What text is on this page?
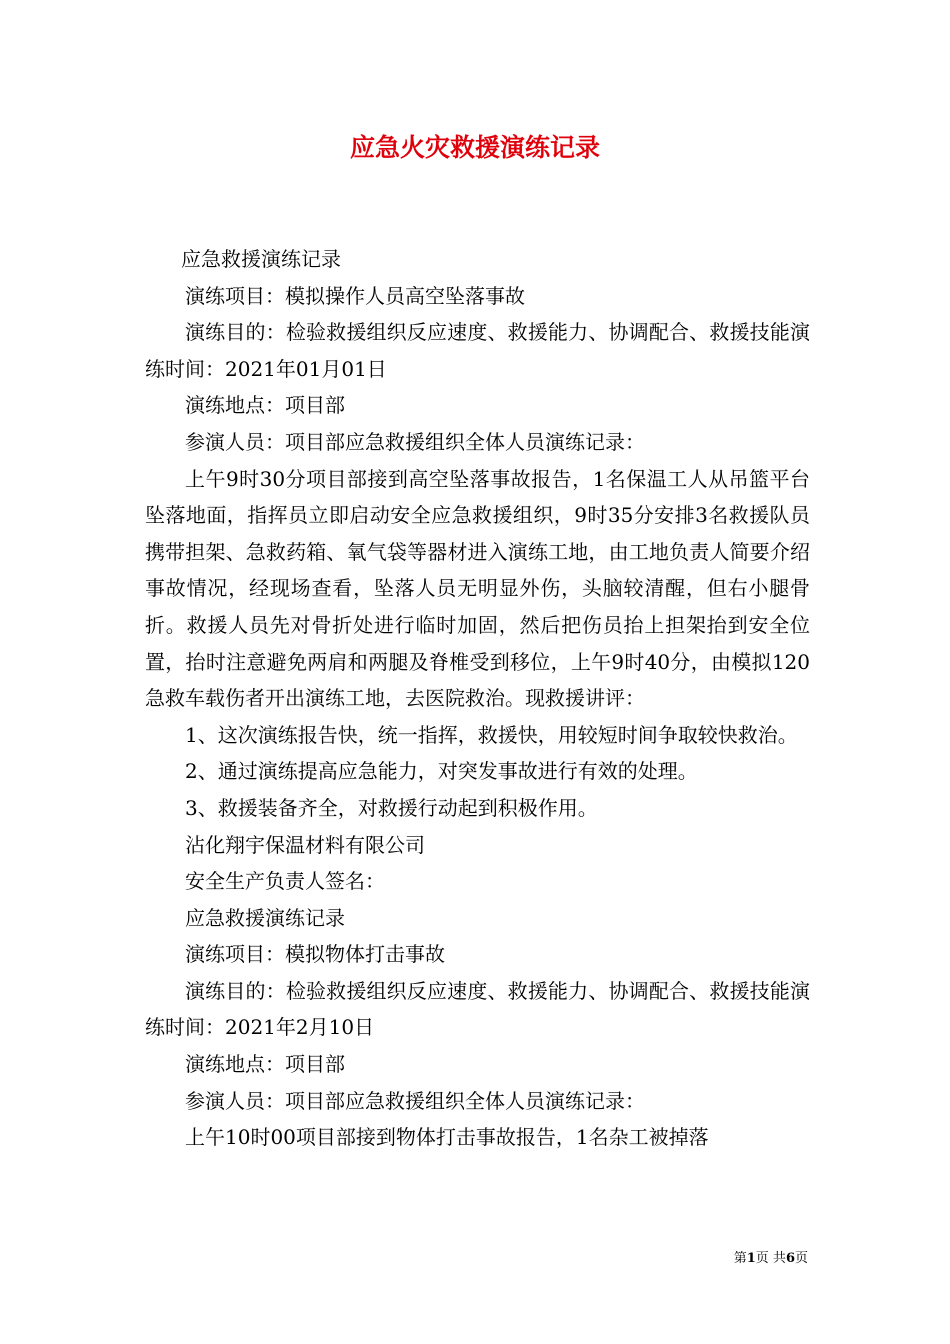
应急火灾救援演练记录

应急救援演练记录

演练项目：模拟操作人员高空坠落事故

演练目的：检验救援组织反应速度、救援能力、协调配合、救援技能演练时间：2021年01月01日

演练地点：项目部

参演人员：项目部应急救援组织全体人员演练记录：

上午9时30分项目部接到高空坠落事故报告，1名保温工人从吊篮平台坠落地面，指挥员立即启动安全应急救援组织，9时35分安排3名救援队员携带担架、急救药箱、氧气袋等器材进入演练工地，由工地负责人简要介绍事故情况，经现场查看，坠落人员无明显外伤，头脑较清醒，但右小腿骨折。救援人员先对骨折处进行临时加固，然后把伤员抬上担架抬到安全位置，抬时注意避免两肩和两腿及脊椎受到移位，上午9时40分，由模拟120急救车载伤者开出演练工地，去医院救治。现救援讲评：

1、这次演练报告快，统一指挥，救援快，用较短时间争取较快救治。

2、通过演练提高应急能力，对突发事故进行有效的处理。

3、救援装备齐全，对救援行动起到积极作用。

沾化翔宇保温材料有限公司

安全生产负责人签名：

应急救援演练记录

演练项目：模拟物体打击事故

演练目的：检验救援组织反应速度、救援能力、协调配合、救援技能演练时间：2021年2月10日

演练地点：项目部

参演人员：项目部应急救援组织全体人员演练记录：

上午10时00项目部接到物体打击事故报告，1名杂工被掉落

第1页 共6页
